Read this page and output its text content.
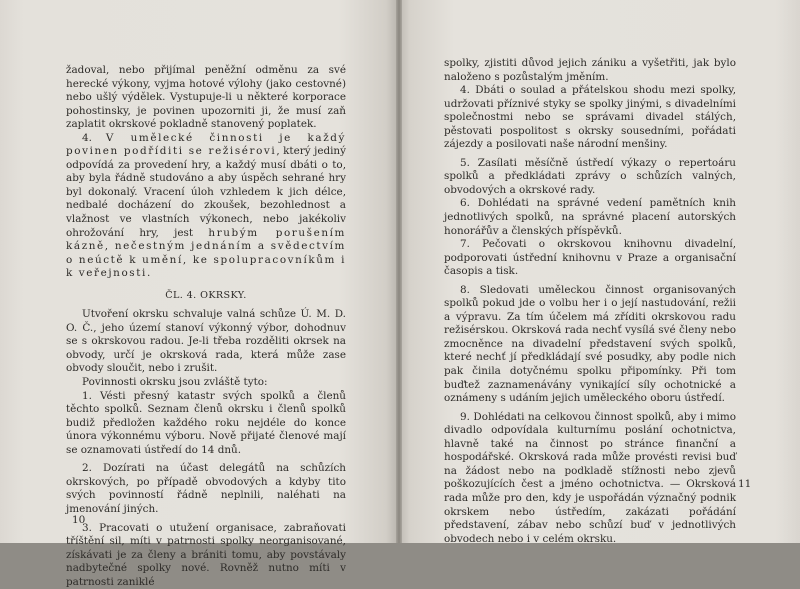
žadoval, nebo přijímal peněžní odměnu za své herecké výkony, vyjma hotové výlohy (jako cestovné) nebo ušlý výdělek. Vystupuje-li u některé korporace pohostinsky, je povinen upozorniti ji, že musí zaň zaplatit okrskové pokladně stanovený poplatek.

4. V umělecké činnosti je každý povinen podříditi se režisérovi, který jediný odpovídá za provedení hry, a každý musí dbáti o to, aby byla řádně studováno a aby úspěch sehrané hry byl dokonalý. Vracení úloh vzhledem k jich délce, nedbalé docházení do zkoušek, bezohlednost a vlažnost ve vlastních výkonech, nebo jakékoliv ohrožování hry, jest hrubým porušením kázně, nečestným jednáním a svědectvím o neúctě k umění, ke spolupracovníkům i k veřejnosti.

ČL. 4. OKRSKY.

Utvoření okrsku schvaluje valná schůze Ú. M. D. O. Č., jeho území stanoví výkonný výbor, dohodnuv se s okrskovou radou. Je-li třeba rozděliti okrsek na obvody, určí je okrsková rada, která může zase obvody sloučit, nebo i zrušit.

Povinnosti okrsku jsou zvláště tyto:

1. Vésti přesný katastr svých spolků a členů těchto spolků. Seznam členů okrsku i členů spolků budiž předložen každého roku nejdéle do konce února výkonnému výboru. Nově přijaté členové mají se oznamovati ústředí do 14 dnů.

2. Dozírati na účast delegátů na schůzích okrskových, po případě obvodových a kdyby tito svých povinností řádně neplnili, naléhati na jmenování jiných.

3. Pracovati o utužení organisace, zabraňovati tříštění sil, míti v patrnosti spolky neorganisované, získávati je za členy a brániti tomu, aby povstávaly nadbytečné spolky nové. Rovněž nutno míti v patrnosti zaniklé

10

spolky, zjistiti důvod jejich zániku a vyšetřiti, jak bylo naloženo s pozůstalým jměním.

4. Dbáti o soulad a přátelskou shodu mezi spolky, udržovati příznivé styky se spolky jinými, s divadelními společnostmi nebo se správami divadel stálých, pěstovati pospolitost s okrsky sousedními, pořádati zájezdy a posilovati naše národní menšiny.

5. Zasílati měsíčně ústředí výkazy o repertoáru spolků a předkládati zprávy o schůzích valných, obvodových a okrskové rady.

6. Dohlédati na správné vedení pamětních knih jednotlivých spolků, na správné placení autorských honorářův a členských příspěvků.

7. Pečovati o okrskovou knihovnu divadelní, podporovati ústřední knihovnu v Praze a organisační časopis a tisk.

8. Sledovati uměleckou činnost organisovaných spolků pokud jde o volbu her i o její nastudování, režii a výpravu. Za tím účelem má zříditi okrskovou radu režisérskou. Okrsková rada nechť vysílá své členy nebo zmocněnce na divadelní představení svých spolků, které nechť jí předkládají své posudky, aby podle nich pak činila dotyčnému spolku připomínky. Při tom buďtež zaznamenávány vynikající síly ochotnické a oznámeny s udáním jejich uměleckého oboru ústředí.

9. Dohlédati na celkovou činnost spolků, aby i mimo divadlo odpovídala kulturnímu poslání ochotnictva, hlavně také na činnost po stránce finanční a hospodářské. Okrsková rada může provésti revisi buď na žádost nebo na podkladě stížnosti nebo zjevů poškozujících čest a jméno ochotnictva. — Okrsková rada může pro den, kdy je uspořádán význačný podnik okrskem nebo ústředím, zakázati pořádání představení, zábav nebo schůzí buď v jednotlivých obvodech nebo i v celém okrsku.

11
